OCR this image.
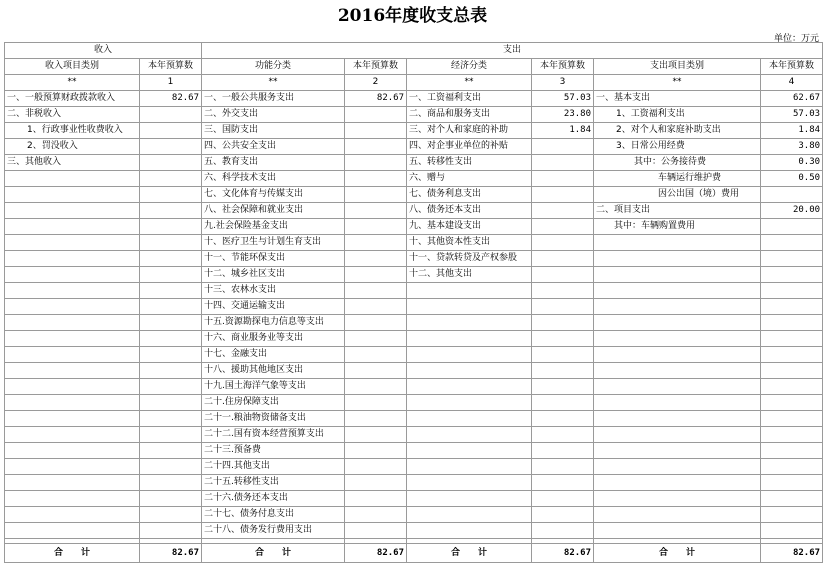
2016年度收支总表
单位：万元
收入		支出					
收入项目类别	本年预算数	功能分类	本年预算数	经济分类	本年预算数	支出项目类别	本年预算数
**	1	**	2	**	3	**	4
一、一般预算财政拨款收入	82.67	一、一般公共服务支出	82.67	一、工资福利支出	57.03	一、基本支出	62.67
二、非税收入		二、外交支出		二、商品和服务支出	23.80	1、工资福利支出	57.03
1、行政事业性收费收入		三、国防支出		三、对个人和家庭的补助	1.84	2、对个人和家庭补助支出	1.84
2、罚没收入		四、公共安全支出		四、对企事业单位的补贴		3、日常公用经费	3.80
三、其他收入		五、教育支出		五、转移性支出		其中：公务接待费	0.30
		六、科学技术支出		六、赠与		车辆运行维护费	0.50
		七、文化体育与传媒支出		七、债务利息支出		因公出国（境）费用	
		八、社会保障和就业支出		八、债务还本支出		二、项目支出	20.00
		九.社会保险基金支出		九、基本建设支出		其中：车辆购置费用	
		十、医疗卫生与计划生育支出		十、其他资本性支出			
		十一、节能环保支出		十一、贷款转贷及产权参股			
		十二、城乡社区支出		十二、其他支出			
		十三、农林水支出					
		十四、交通运输支出					
		十五.资源勘探电力信息等支出					
		十六、商业服务业等支出					
		十七、金融支出					
		十八、援助其他地区支出					
		十九.国土海洋气象等支出					
		二十.住房保障支出					
		二十一.粮油物资储备支出					
		二十二.国有资本经营预算支出					
		二十三.预备费					
		二十四.其他支出					
		二十五.转移性支出					
		二十六.债务还本支出					
		二十七、债务付息支出					
		二十八、债务发行费用支出					

合　　计	82.67	合　　计	82.67	合　　计	82.67	合　　计	82.67
